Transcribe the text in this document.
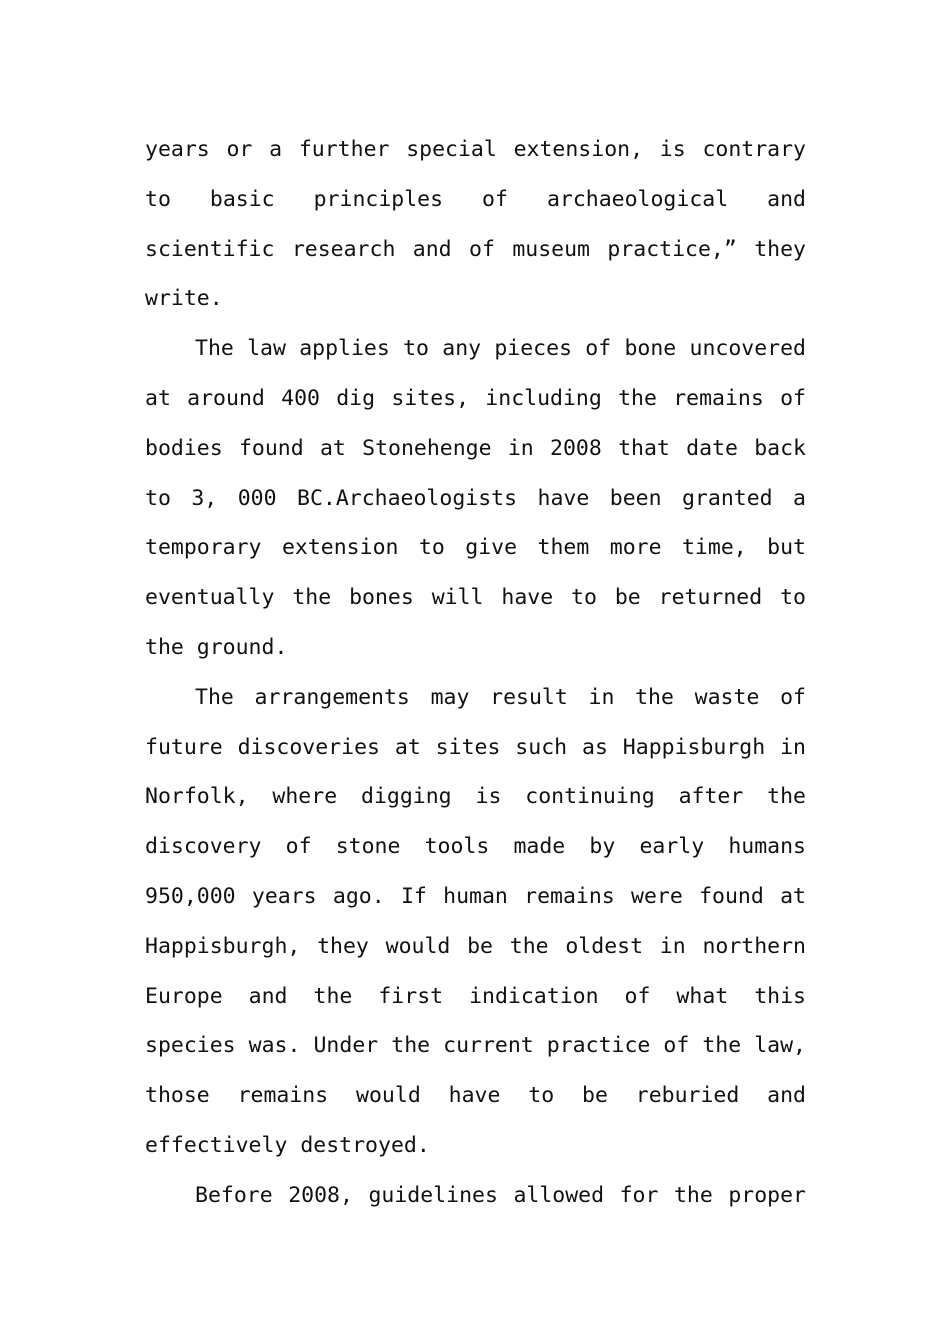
years or a further special extension, is contrary
to basic principles of archaeological and
scientific research and of museum practice,” they
write.
The law applies to any pieces of bone uncovered
at around 400 dig sites, including the remains of
bodies found at Stonehenge in 2008 that date back
to 3, 000 BC.Archaeologists have been granted a
temporary extension to give them more time, but
eventually the bones will have to be returned to
the ground.
The arrangements may result in the waste of
future discoveries at sites such as Happisburgh in
Norfolk, where digging is continuing after the
discovery of stone tools made by early humans
950,000 years ago. If human remains were found at
Happisburgh, they would be the oldest in northern
Europe and the first indication of what this
species was. Under the current practice of the law,
those remains would have to be reburied and
effectively destroyed.
Before 2008, guidelines allowed for the proper
